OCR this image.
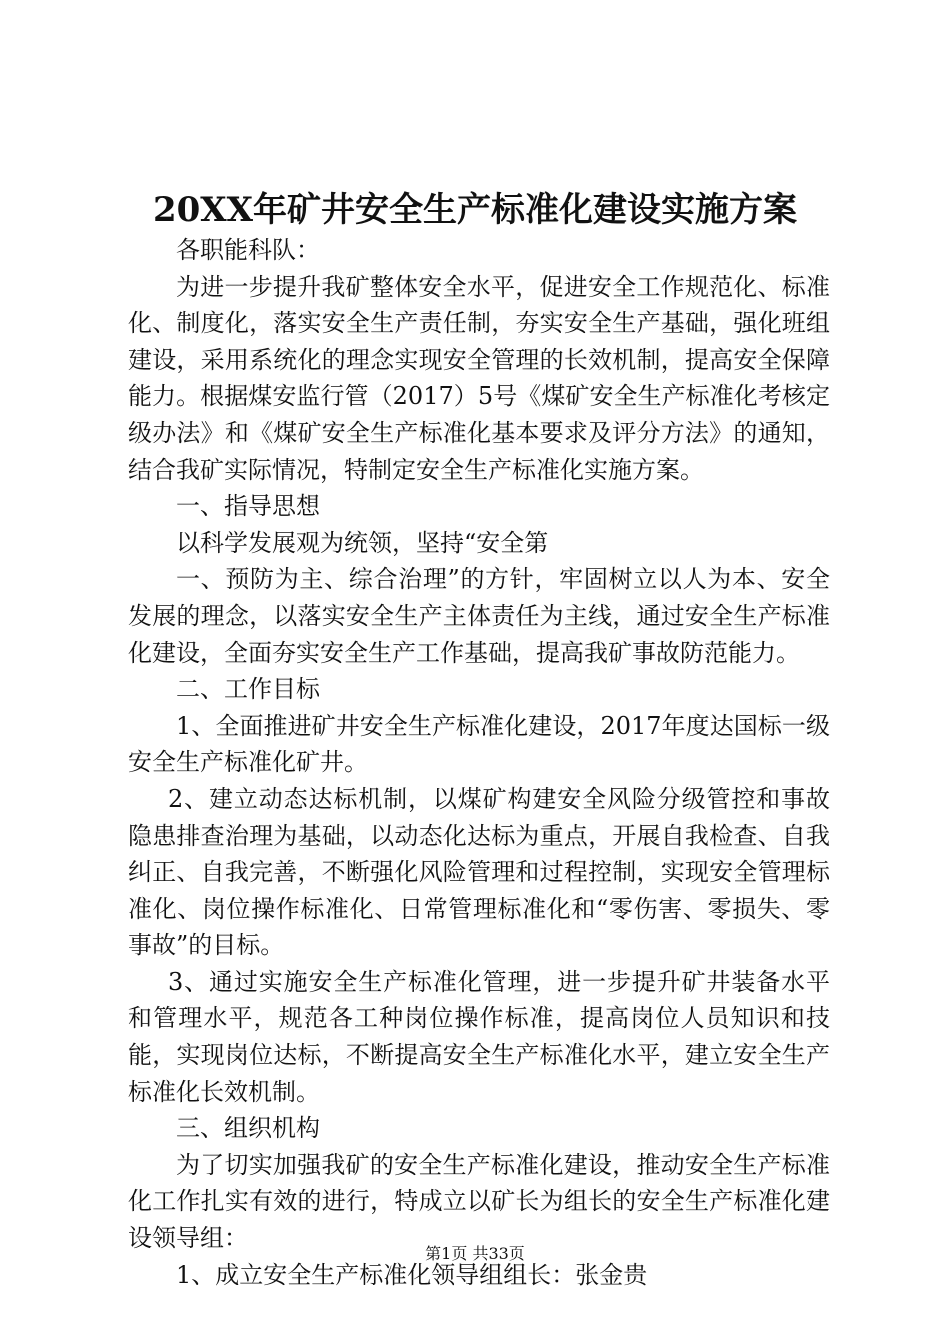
20XX年矿井安全生产标准化建设实施方案

各职能科队：

为进一步提升我矿整体安全水平，促进安全工作规范化、标准化、制度化，落实安全生产责任制，夯实安全生产基础，强化班组建设，采用系统化的理念实现安全管理的长效机制，提高安全保障能力。根据煤安监行管（2017）5号《煤矿安全生产标准化考核定级办法》和《煤矿安全生产标准化基本要求及评分方法》的通知，结合我矿实际情况，特制定安全生产标准化实施方案。

一、指导思想

以科学发展观为统领，坚持“安全第

一、预防为主、综合治理”的方针，牢固树立以人为本、安全发展的理念，以落实安全生产主体责任为主线，通过安全生产标准化建设，全面夯实安全生产工作基础，提高我矿事故防范能力。

二、工作目标

1、全面推进矿井安全生产标准化建设，2017年度达国标一级安全生产标准化矿井。

2、建立动态达标机制，以煤矿构建安全风险分级管控和事故隐患排查治理为基础，以动态化达标为重点，开展自我检查、自我纠正、自我完善，不断强化风险管理和过程控制，实现安全管理标准化、岗位操作标准化、日常管理标准化和“零伤害、零损失、零事故”的目标。

3、通过实施安全生产标准化管理，进一步提升矿井装备水平和管理水平，规范各工种岗位操作标准，提高岗位人员知识和技能，实现岗位达标，不断提高安全生产标准化水平，建立安全生产标准化长效机制。

三、组织机构

为了切实加强我矿的安全生产标准化建设，推动安全生产标准化工作扎实有效的进行，特成立以矿长为组长的安全生产标准化建设领导组：

1、成立安全生产标准化领导组组长：张金贵

第1页 共33页
